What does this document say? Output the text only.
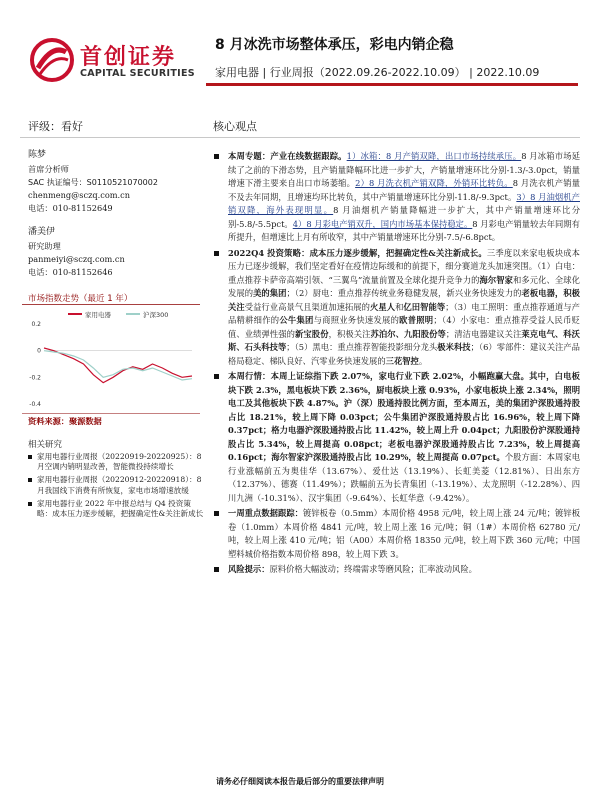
首创证券
CAPITAL SECURITIES
8 月冰洗市场整体承压，彩电内销企稳
家用电器 | 行业周报（2022.09.26-2022.10.09） | 2022.10.09
评级：看好	核心观点
陈梦
首席分析师
SAC 执证编号：S0110521070002
chenmeng@sczq.com.cn
电话：010-81152649
潘美伊
研究助理
panmeiyi@sczq.com.cn
电话：010-81152646
市场指数走势（最近 1 年）
家用电器	沪深300
0.2
0
-0.2
-0.4
资料来源：聚源数据
相关研究
家用电器行业周报（20220919-20220925）：8 月空调内销明显改善，智能微投持续增长
家用电器行业周报（20220912-20220918）：8 月我国线下消费有所恢复，家电市场增速放缓
家用电器行业 2022 年中报总结与 Q4 投资策略：成本压力逐步缓解，把握确定性&关注新成长
本周专题：产业在线数据跟踪。1）冰箱：8 月产销双降，出口市场持续承压。8 月冰箱市场延续了之前的下滑态势，且产销量降幅环比进一步扩大，产销量增速环比分别-1.3/-3.0pct，销量增速下滑主要来自出口市场萎缩。2）8 月洗衣机产销双降，外销环比转负。8 月洗衣机产销量不及去年同期，且增速均环比转负，其中产销量增速环比分别-11.8/-9.3pct。3）8 月油烟机产销双降，海外表现明显。8 月油烟机产销量降幅进一步扩大，其中产销量增速环比分别-5.8/-5.5pct。4）8 月彩电产销双升，国内市场基本保持稳定。8 月彩电产销量较去年同期有所提升，但增速比上月有所收窄，其中产销量增速环比分别-7.5/-6.8pct。
2022Q4 投资策略：成本压力逐步缓解，把握确定性&关注新成长。三季度以来家电板块成本压力已逐步缓解，我们坚定看好在疫情边际缓和的前提下，细分赛道龙头加速突围。（1）白电：重点推荐卡萨帝高端引领、“三翼鸟”流量前置及全球化提升竞争力的海尔智家和多元化、全球化发展的美的集团；（2）厨电：重点推荐传统业务稳健发展，新兴业务快速发力的老板电器，积极关注受益行业高景气且渠道加速拓展的火星人和亿田智能等；（3）电工照明：重点推荐通道与产品精耕细作的公牛集团与商照业务快速发展的欧普照明；（4）小家电：重点推荐受益人民币贬值、业绩弹性强的新宝股份，积极关注苏泊尔、九阳股份等；清洁电器建议关注莱克电气、科沃斯、石头科技等；（5）黑电：重点推荐智能投影细分龙头极米科技；（6）零部件：建议关注产品格局稳定、梯队良好、汽零业务快速发展的三花智控。
本周行情：本周上证综指下跌 2.07%，家电行业下跌 2.02%，小幅跑赢大盘。其中，白电板块下跌 2.3%，黑电板块下跌 2.36%，厨电板块上涨 0.93%，小家电板块上涨 2.34%，照明电工及其他板块下跌 4.87%。沪（深）股通持股比例方面，至本周五，美的集团沪深股通持股占比 18.21%，较上周下降 0.03pct；公牛集团沪深股通持股占比 16.96%，较上周下降 0.37pct；格力电器沪深股通持股占比 11.42%，较上周上升 0.04pct；九阳股份沪深股通持股占比 5.34%，较上周提高 0.08pct；老板电器沪深股通持股占比 7.23%，较上周提高 0.16pct；海尔智家沪深股通持股占比 10.29%，较上周提高 0.07pct。个股方面：本周家电行业涨幅前五为奥佳华（13.67%）、爱仕达（13.19%）、长虹美菱（12.81%）、日出东方（12.37%）、德赛（11.49%）；跌幅前五为长青集团（-13.19%）、太龙照明（-12.28%）、四川九洲（-10.31%）、汉宇集团（-9.64%）、长虹华意（-9.42%）。
一周重点数据跟踪：镀锌板卷（0.5mm）本周价格 4958 元/吨，较上周上涨 24 元/吨；镀锌板卷（1.0mm）本周价格 4841 元/吨，较上周上涨 16 元/吨；铜（1#）本周价格 62780 元/吨，较上周上涨 410 元/吨；铝（A00）本周价格 18350 元/吨，较上周下跌 360 元/吨；中国塑料城价格指数本周价格 898，较上周下跌 3。
风险提示：原料价格大幅波动；终端需求等磨风险；汇率波动风险。
请务必仔细阅读本报告最后部分的重要法律声明
